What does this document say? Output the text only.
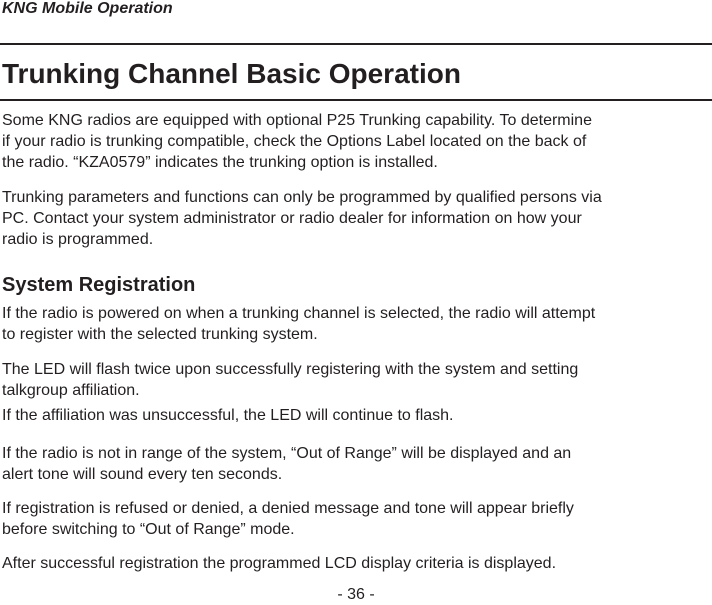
KNG Mobile Operation
Trunking Channel Basic Operation

Some KNG radios are equipped with optional P25 Trunking capability. To determine
if your radio is trunking compatible, check the Options Label located on the back of
the radio. “KZA0579” indicates the trunking option is installed.

Trunking parameters and functions can only be programmed by qualified persons via
PC. Contact your system administrator or radio dealer for information on how your
radio is programmed.

System Registration

If the radio is powered on when a trunking channel is selected, the radio will attempt
to register with the selected trunking system.

The LED will flash twice upon successfully registering with the system and setting
talkgroup affiliation.

If the affiliation was unsuccessful, the LED will continue to flash.

If the radio is not in range of the system, “Out of Range” will be displayed and an
alert tone will sound every ten seconds.

If registration is refused or denied, a denied message and tone will appear briefly
before switching to “Out of Range” mode.

After successful registration the programmed LCD display criteria is displayed.

- 36 -
